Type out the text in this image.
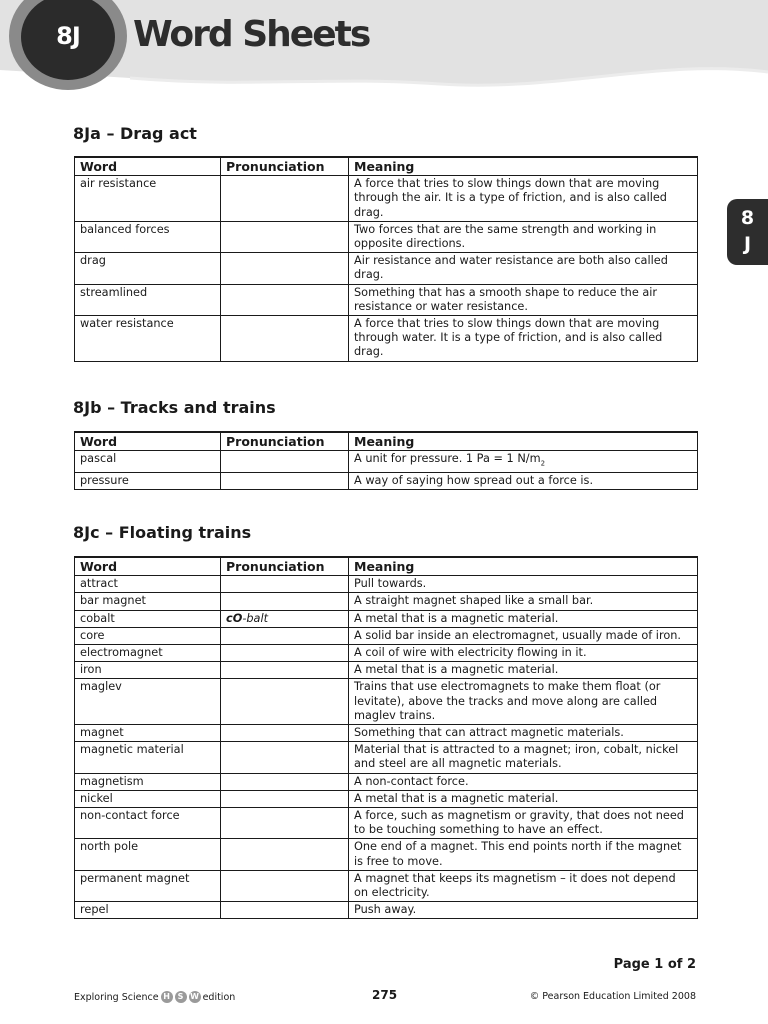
8J	Word Sheets
8
J
8Ja – Drag act
Word	Pronunciation	Meaning
air resistance		A force that tries to slow things down that are moving through the air. It is a type of friction, and is also called drag.
balanced forces		Two forces that are the same strength and working in opposite directions.
drag		Air resistance and water resistance are both also called drag.
streamlined		Something that has a smooth shape to reduce the air resistance or water resistance.
water resistance		A force that tries to slow things down that are moving through water. It is a type of friction, and is also called drag.
8Jb – Tracks and trains
Word	Pronunciation	Meaning
pascal		A unit for pressure. 1 Pa = 1 $N/m_2$
pressure		A way of saying how spread out a force is.
8Jc – Floating trains
Word	Pronunciation	Meaning
attract		Pull towards.
bar magnet		A straight magnet shaped like a small bar.
cobalt	cO-balt	A metal that is a magnetic material.
core		A solid bar inside an electromagnet, usually made of iron.
electromagnet		A coil of wire with electricity flowing in it.
iron		A metal that is a magnetic material.
maglev		Trains that use electromagnets to make them float (or levitate), above the tracks and move along are called maglev trains.
magnet		Something that can attract magnetic materials.
magnetic material		Material that is attracted to a magnet; iron, cobalt, nickel and steel are all magnetic materials.
magnetism		A non-contact force.
nickel		A metal that is a magnetic material.
non-contact force		A force, such as magnetism or gravity, that does not need to be touching something to have an effect.
north pole		One end of a magnet. This end points north if the magnet is free to move.
permanent magnet		A magnet that keeps its magnetism – it does not depend on electricity.
repel		Push away.
Page 1 of 2
Exploring Science H S W edition	275	© Pearson Education Limited 2008
